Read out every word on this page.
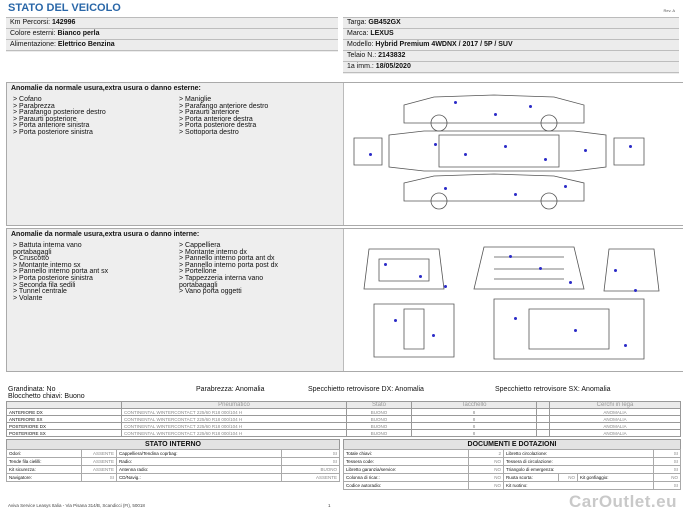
STATO DEL VEICOLO	Rev. A
Km Percorsi: 142996
Colore esterni: Bianco perla
Alimentazione: Elettrico Benzina
Targa: GB452GX
Marca: LEXUS
Modello: Hybrid Premium 4WDNX / 2017 / 5P / SUV
Telaio N.: 2143832
1a imm.: 18/05/2020
Anomalie da normale usura,extra usura o danno esterne:
> Cofano
> Parabrezza
> Parafango posteriore destro
> Paraurti posteriore
> Porta anteriore sinistra
> Porta posteriore sinistra
> Maniglie
> Parafango anteriore destro
> Paraurti anteriore
> Porta anteriore destra
> Porta posteriore destra
> Sottoporta destro
Anomalie da normale usura,extra usura o danno interne:
> Battuta interna vano
portabagagli
> Cruscotto
> Montante interno sx
> Pannello interno porta ant sx
> Porta posteriore sinistra
> Seconda fila sedili
> Tunnel centrale
> Volante
> Cappelliera
> Montante interno dx
> Pannello interno porta ant dx
> Pannello interno porta post dx
> Portellone
> Tappezzeria interna vano
portabagagli
> Vano porta oggetti
Grandinata: No	Parabrezza: Anomalia	Specchietto retrovisore DX: Anomalia	Specchietto retrovisore SX: Anomalia
Blocchetto chiavi: Buono
	Pneumatico	Stato	Tacchello		Cerchi in lega
ANTERIORE DX	CONTINENTAL WINTERCONTACT 225/60 R18 000/104 H	BUONO	8		ANOMALIA
ANTERIORE SX	CONTINENTAL WINTERCONTACT 225/60 R18 000/104 H	BUONO	8		ANOMALIA
POSTERIORE DX	CONTINENTAL WINTERCONTACT 225/60 R18 000/104 H	BUONO	8		ANOMALIA
POSTERIORE SX	CONTINENTAL WINTERCONTACT 225/60 R18 000/104 H	BUONO	8		ANOMALIA
STATO INTERNO
Odori:	ASSENTE	Cappelliera/Tendina coprbag:	SI
Tende fila cielilli:	ASSENTE	Radio:	SI
Kit sicurezza:	ASSENTE	Antenna radio:	BUONO
Navigatore:	SI	CD/Navig.:	ASSENTE
DOCUMENTI E DOTAZIONI
Totale chiavi:	2	Libretto circolazione:			SI
Tessera code:	NO	Tessera di circolazione:			SI
Libretto garanzia/service:	NO	Triangolo di emergenza:			SI
Colonna di ricar.:	NO	Ruota scorta:	NO	Kit gonfiaggio:	NO
Codice autoradio:	NO	Kit ruotino:			SI
Aviva Service Leasys Italia - Via Pisana 314/B, Scandicci (FI), 50018	1	CarOutlet.eu
